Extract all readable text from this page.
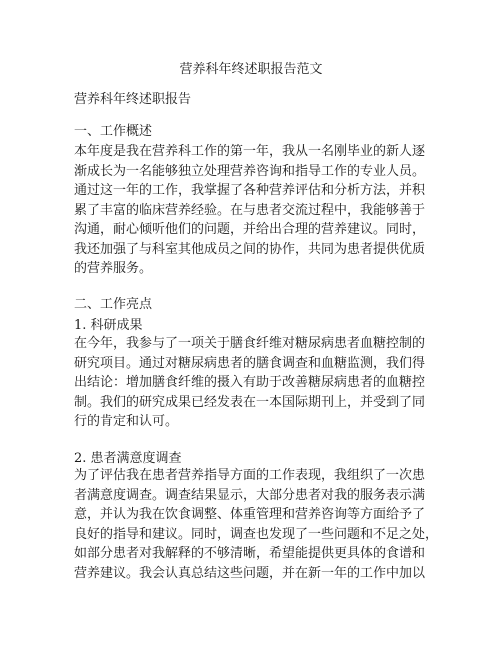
营养科年终述职报告范文
营养科年终述职报告
一、工作概述
本年度是我在营养科工作的第一年，我从一名刚毕业的新人逐
渐成长为一名能够独立处理营养咨询和指导工作的专业人员。
通过这一年的工作，我掌握了各种营养评估和分析方法，并积
累了丰富的临床营养经验。在与患者交流过程中，我能够善于
沟通，耐心倾听他们的问题，并给出合理的营养建议。同时，
我还加强了与科室其他成员之间的协作，共同为患者提供优质
的营养服务。
二、工作亮点
1. 科研成果
在今年，我参与了一项关于膳食纤维对糖尿病患者血糖控制的
研究项目。通过对糖尿病患者的膳食调查和血糖监测，我们得
出结论：增加膳食纤维的摄入有助于改善糖尿病患者的血糖控
制。我们的研究成果已经发表在一本国际期刊上，并受到了同
行的肯定和认可。
2. 患者满意度调查
为了评估我在患者营养指导方面的工作表现，我组织了一次患
者满意度调查。调查结果显示，大部分患者对我的服务表示满
意，并认为我在饮食调整、体重管理和营养咨询等方面给予了
良好的指导和建议。同时，调查也发现了一些问题和不足之处，
如部分患者对我解释的不够清晰，希望能提供更具体的食谱和
营养建议。我会认真总结这些问题，并在新一年的工作中加以
